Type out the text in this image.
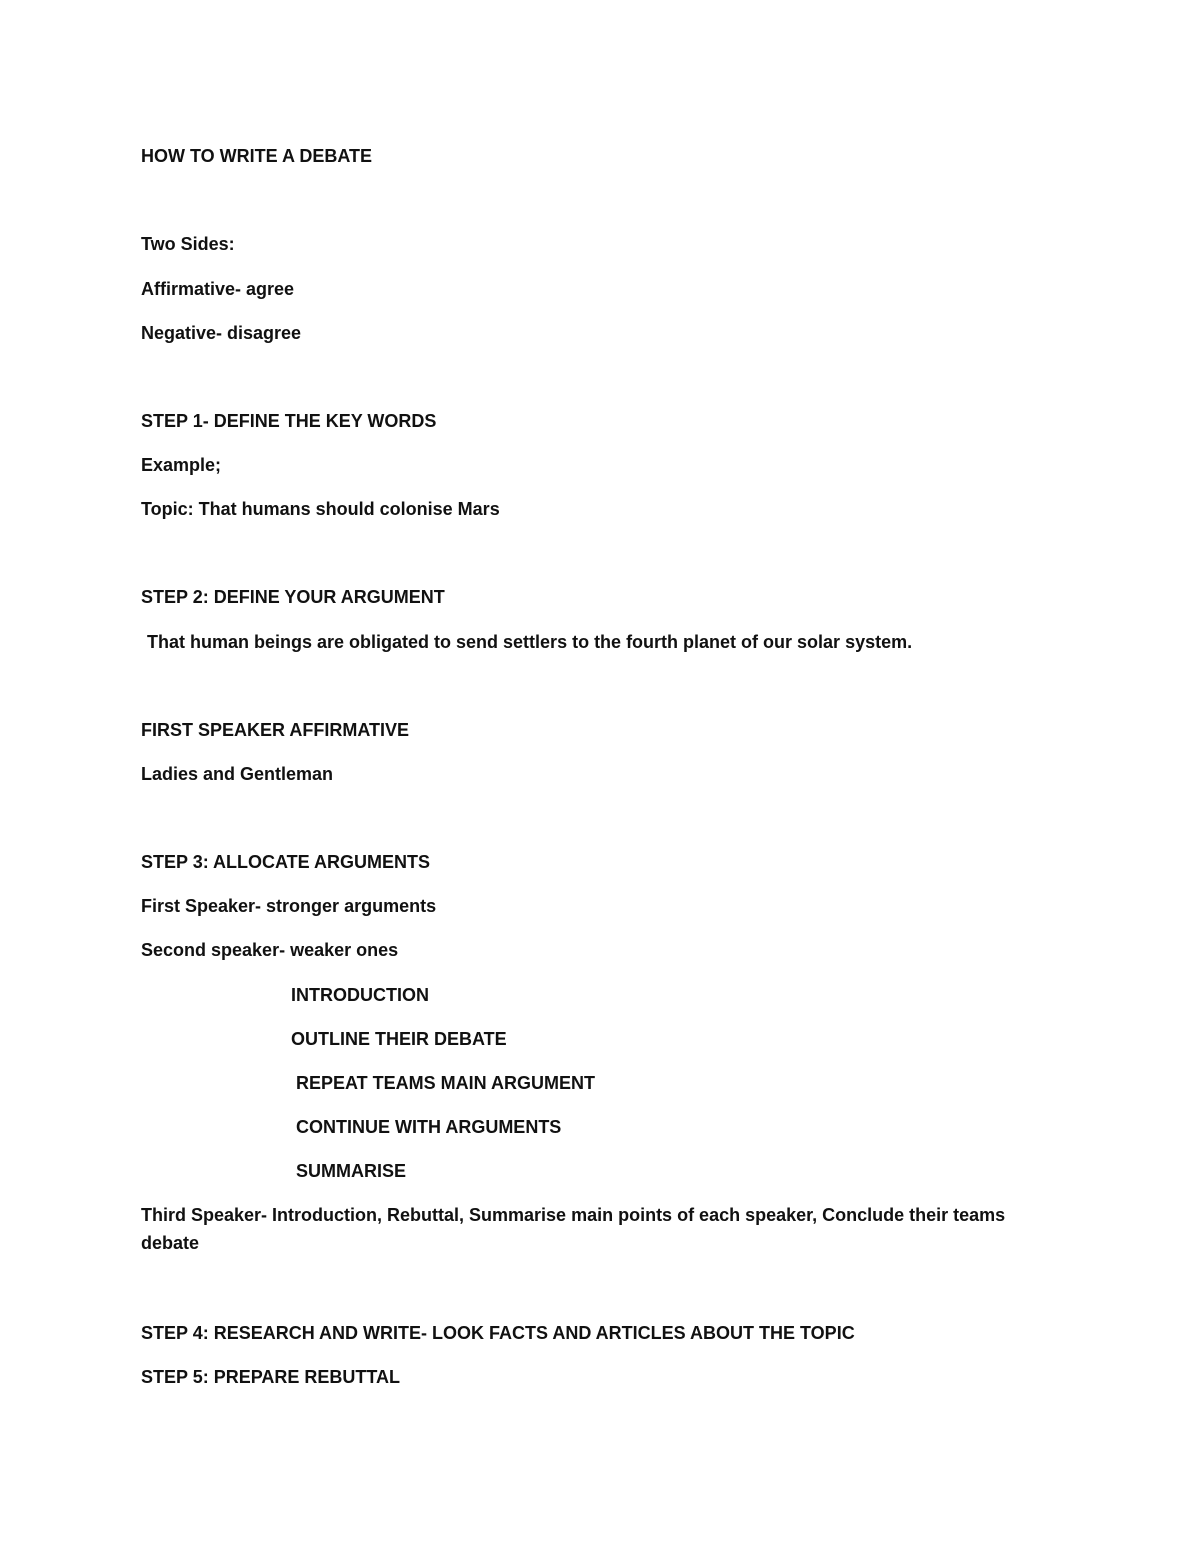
HOW TO WRITE A DEBATE
Two Sides:
Affirmative- agree
Negative- disagree
STEP 1- DEFINE THE KEY WORDS
Example;
Topic: That humans should colonise Mars
STEP 2: DEFINE YOUR ARGUMENT
That human beings are obligated to send settlers to the fourth planet of our solar system.
FIRST SPEAKER AFFIRMATIVE
Ladies and Gentleman
STEP 3: ALLOCATE ARGUMENTS
First Speaker- stronger arguments
Second speaker- weaker ones
INTRODUCTION
OUTLINE THEIR DEBATE
REPEAT TEAMS MAIN ARGUMENT
CONTINUE WITH ARGUMENTS
SUMMARISE
Third Speaker- Introduction, Rebuttal, Summarise main points of each speaker, Conclude their teams debate
STEP 4: RESEARCH AND WRITE- LOOK FACTS AND ARTICLES ABOUT THE TOPIC
STEP 5: PREPARE REBUTTAL
